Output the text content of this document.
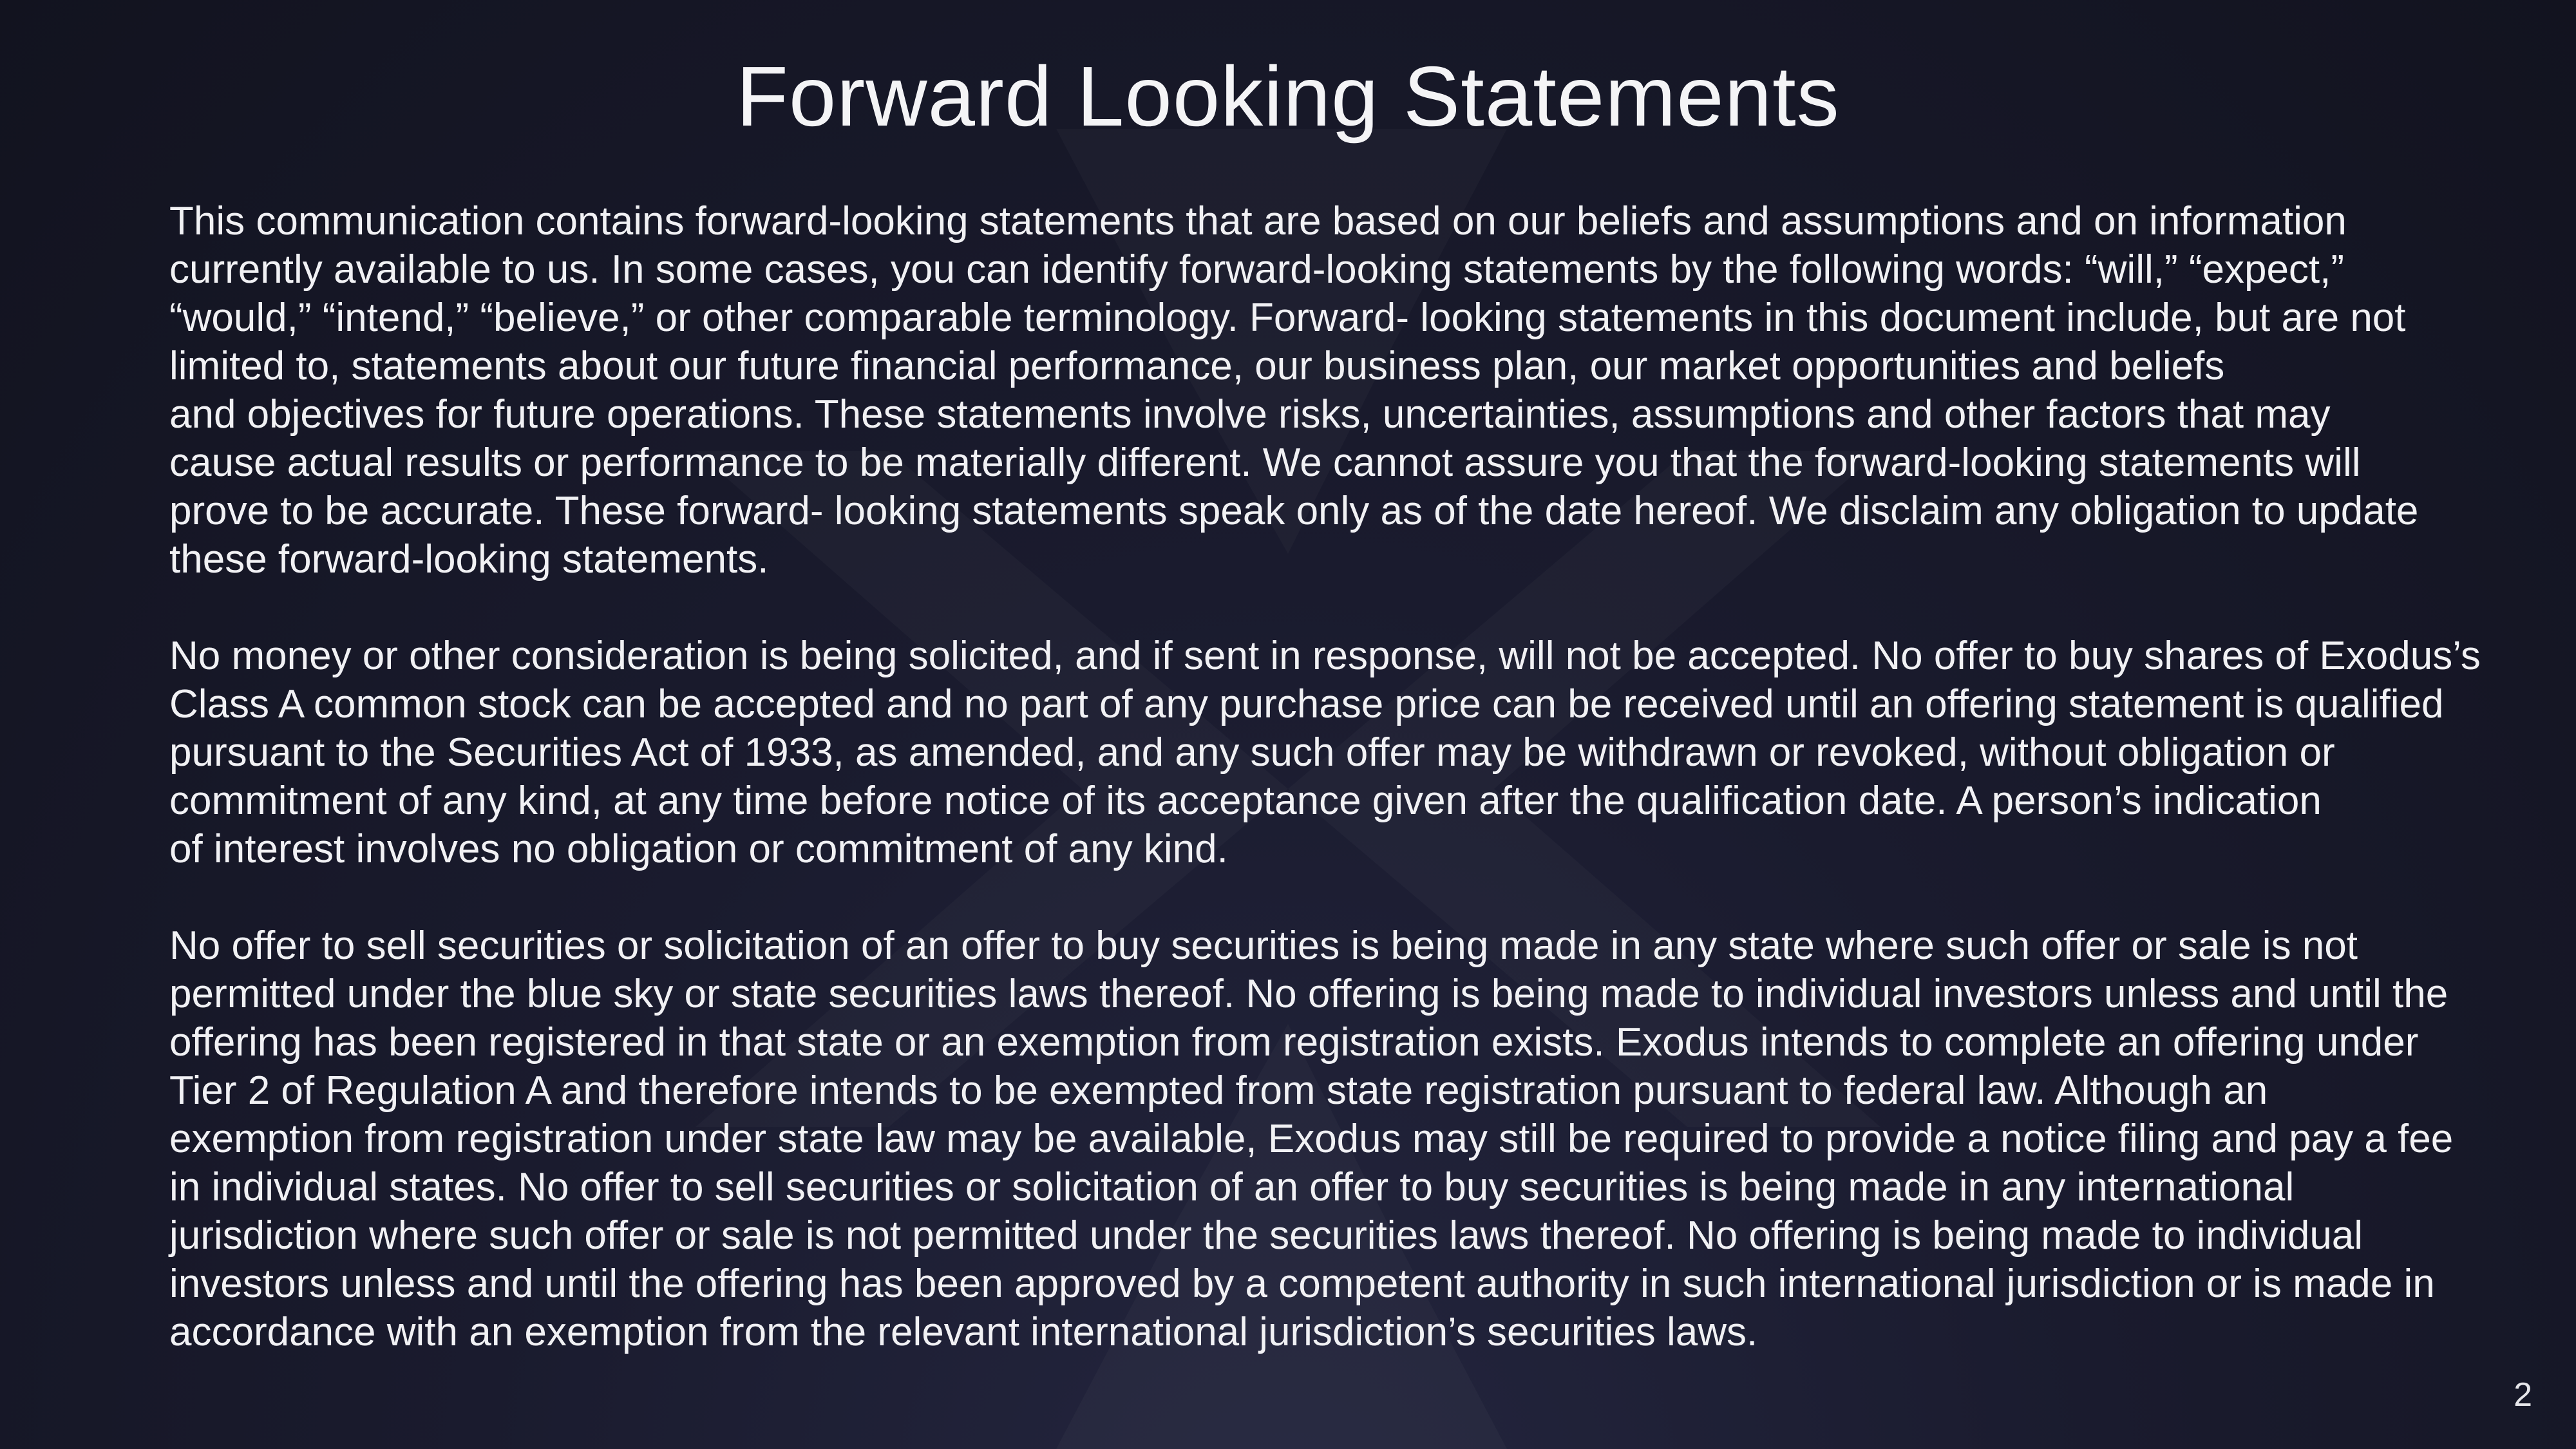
Forward Looking Statements

This communication contains forward-looking statements that are based on our beliefs and assumptions and on information
currently available to us. In some cases, you can identify forward-looking statements by the following words: “will,” “expect,”
“would,” “intend,” “believe,” or other comparable terminology. Forward- looking statements in this document include, but are not
limited to, statements about our future financial performance, our business plan, our market opportunities and beliefs
and objectives for future operations. These statements involve risks, uncertainties, assumptions and other factors that may
cause actual results or performance to be materially different. We cannot assure you that the forward-looking statements will
prove to be accurate. These forward- looking statements speak only as of the date hereof. We disclaim any obligation to update
these forward-looking statements.

No money or other consideration is being solicited, and if sent in response, will not be accepted. No offer to buy shares of Exodus’s
Class A common stock can be accepted and no part of any purchase price can be received until an offering statement is qualified
pursuant to the Securities Act of 1933, as amended, and any such offer may be withdrawn or revoked, without obligation or
commitment of any kind, at any time before notice of its acceptance given after the qualification date. A person’s indication
of interest involves no obligation or commitment of any kind.

No offer to sell securities or solicitation of an offer to buy securities is being made in any state where such offer or sale is not
permitted under the blue sky or state securities laws thereof. No offering is being made to individual investors unless and until the
offering has been registered in that state or an exemption from registration exists. Exodus intends to complete an offering under
Tier 2 of Regulation A and therefore intends to be exempted from state registration pursuant to federal law. Although an
exemption from registration under state law may be available, Exodus may still be required to provide a notice filing and pay a fee
in individual states. No offer to sell securities or solicitation of an offer to buy securities is being made in any international
jurisdiction where such offer or sale is not permitted under the securities laws thereof. No offering is being made to individual
investors unless and until the offering has been approved by a competent authority in such international jurisdiction or is made in
accordance with an exemption from the relevant international jurisdiction’s securities laws.

2
